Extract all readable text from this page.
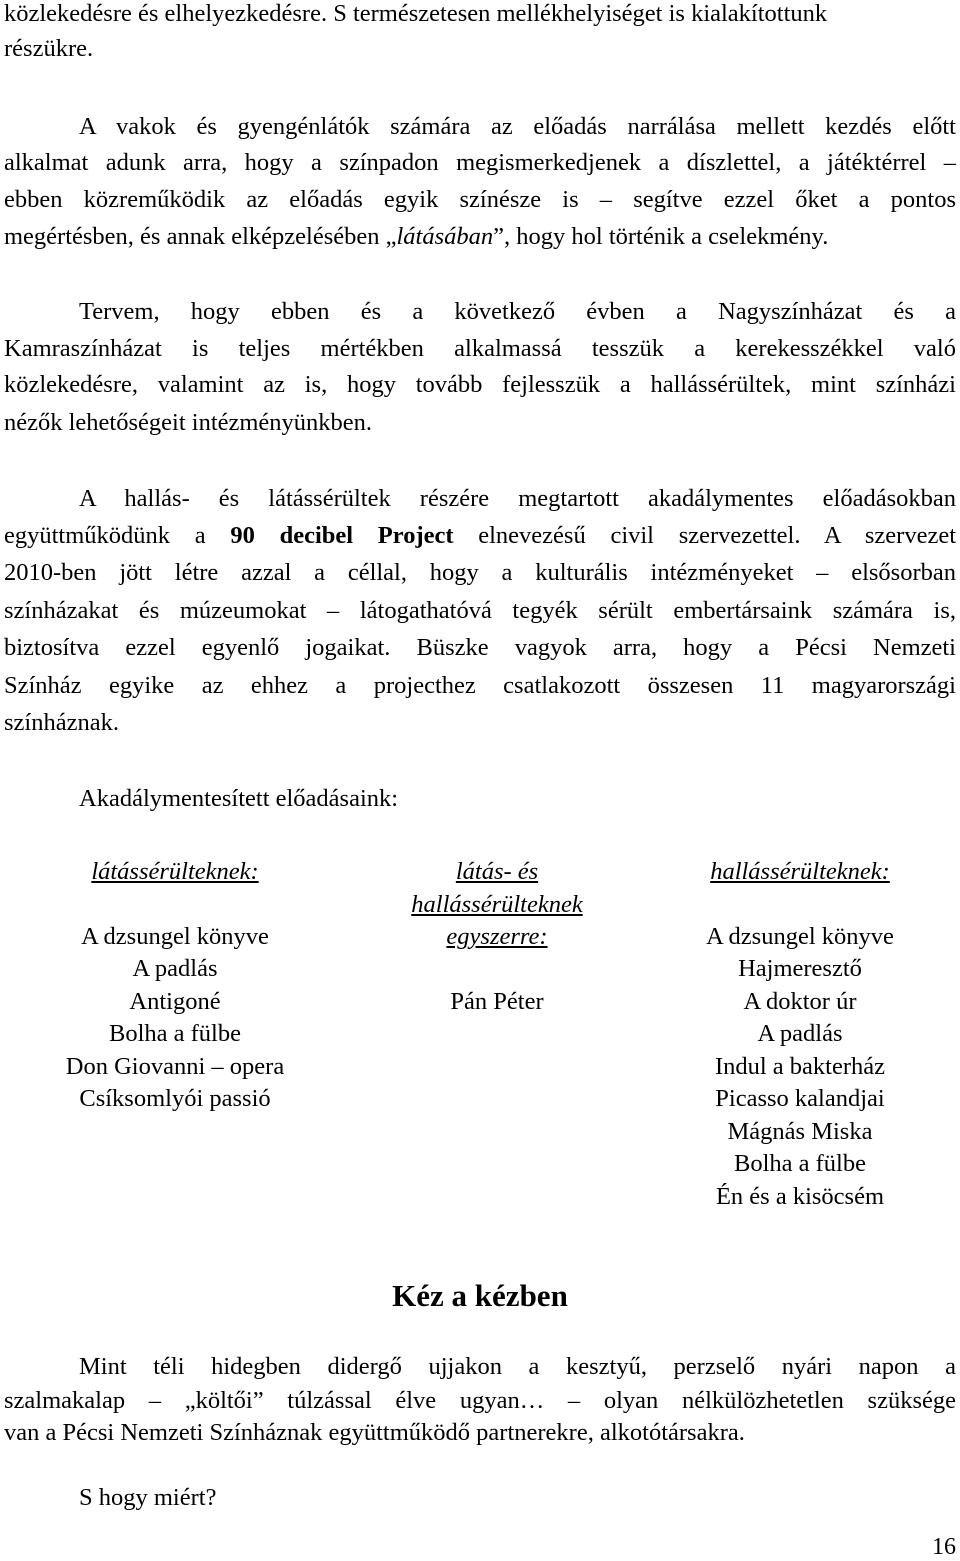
közlekedésre és elhelyezkedésre. S természetesen mellékhelyiséget is kialakítottunk
részükre.
A vakok és gyengénlátók számára az előadás narrálása mellett kezdés előtt
alkalmat adunk arra, hogy a színpadon megismerkedjenek a díszlettel, a játéktérrel –
ebben közreműködik az előadás egyik színésze is – segítve ezzel őket a pontos
megértésben, és annak elképzelésében „látásában”, hogy hol történik a cselekmény.
Tervem, hogy ebben és a következő évben a Nagyszínházat és a
Kamraszínházat is teljes mértékben alkalmassá tesszük a kerekesszékkel való
közlekedésre, valamint az is, hogy tovább fejlesszük a hallássérültek, mint színházi
nézők lehetőségeit intézményünkben.
A hallás- és látássérültek részére megtartott akadálymentes előadásokban
együttműködünk a 90 decibel Project elnevezésű civil szervezettel. A szervezet
2010-ben jött létre azzal a céllal, hogy a kulturális intézményeket – elsősorban
színházakat és múzeumokat – látogathatóvá tegyék sérült embertársaink számára is,
biztosítva ezzel egyenlő jogaikat. Büszke vagyok arra, hogy a Pécsi Nemzeti
Színház egyike az ehhez a projecthez csatlakozott összesen 11 magyarországi
színháznak.
Akadálymentesített előadásaink:
látássérülteknek:
A dzsungel könyve
A padlás
Antigoné
Bolha a fülbe
Don Giovanni – opera
Csíksomlyói passió
látás- és
hallássérülteknek
egyszerre:
Pán Péter
hallássérülteknek:
A dzsungel könyve
Hajmeresztő
A doktor úr
A padlás
Indul a bakterház
Picasso kalandjai
Mágnás Miska
Bolha a fülbe
Én és a kisöcsém
Kéz a kézben
Mint téli hidegben didergő ujjakon a kesztyű, perzselő nyári napon a
szalmakalap – „költői” túlzással élve ugyan… – olyan nélkülözhetetlen szüksége
van a Pécsi Nemzeti Színháznak együttműködő partnerekre, alkotótársakra.
S hogy miért?
16
